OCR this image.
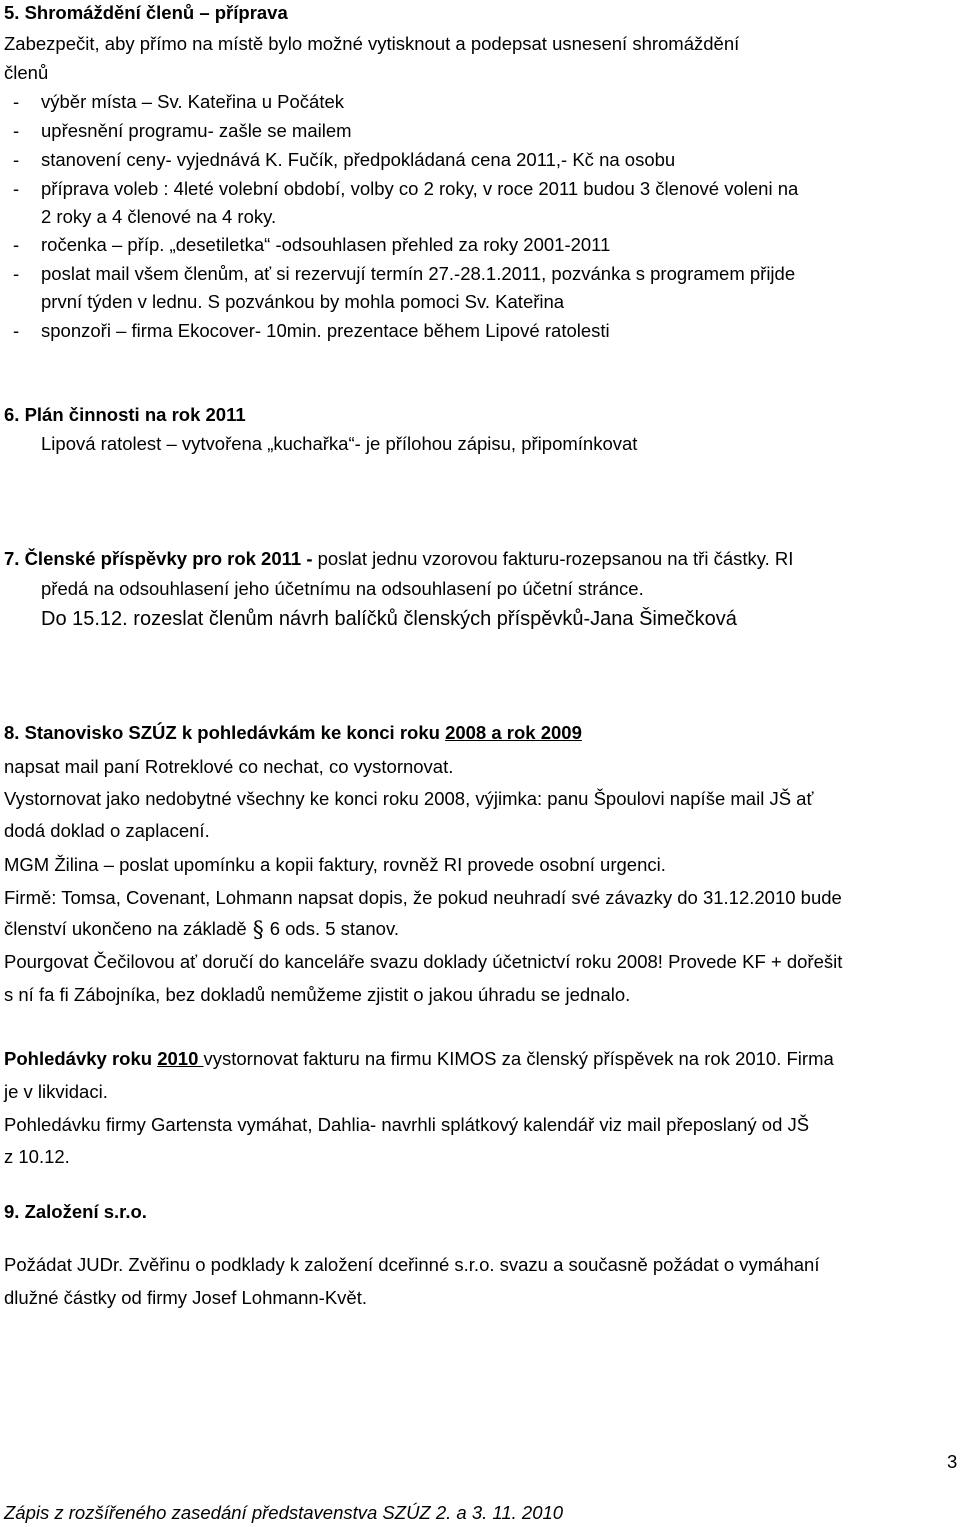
5. Shromáždění členů – příprava
Zabezpečit, aby přímo na místě bylo možné vytisknout a podepsat usnesení shromáždění
členů
- výběr místa – Sv. Kateřina u Počátek
- upřesnění programu- zašle se mailem
- stanovení ceny- vyjednává K. Fučík, předpokládaná cena 2011,- Kč na osobu
- příprava voleb : 4leté volební období, volby co 2 roky, v roce 2011 budou 3 členové voleni na
2 roky a 4 členové na 4 roky.
- ročenka – příp. „desetiletka“ -odsouhlasen přehled za roky 2001-2011
- poslat mail všem členům, ať si rezervují termín 27.-28.1.2011, pozvánka s programem přijde
první týden v lednu. S pozvánkou by mohla pomoci Sv. Kateřina
- sponzoři – firma Ekocover- 10min. prezentace během Lipové ratolesti
6. Plán činnosti na rok 2011
Lipová ratolest – vytvořena „kuchařka“- je přílohou zápisu, připomínkovat
7. Členské příspěvky pro rok 2011 - poslat jednu vzorovou fakturu-rozepsanou na tři částky. RI
předá na odsouhlasení jeho účetnímu na odsouhlasení po účetní stránce.
Do 15.12. rozeslat členům návrh balíčků členských příspěvků-Jana Šimečková
8. Stanovisko SZÚZ k pohledávkám ke konci roku 2008 a rok 2009
napsat mail paní Rotreklové co nechat, co vystornovat.
Vystornovat jako nedobytné všechny ke konci roku 2008, výjimka: panu Špoulovi napíše mail JŠ ať
dodá doklad o zaplacení.
MGM Žilina – poslat upomínku a kopii faktury, rovněž RI provede osobní urgenci.
Firmě: Tomsa, Covenant, Lohmann napsat dopis, že pokud neuhradí své závazky do 31.12.2010 bude
členství ukončeno na základě § 6 ods. 5 stanov.
Pourgovat Čečilovou ať doručí do kanceláře svazu doklady účetnictví roku 2008! Provede KF + dořešit
s ní fa fi Zábojníka, bez dokladů nemůžeme zjistit o jakou úhradu se jednalo.
Pohledávky roku 2010 vystornovat fakturu na firmu KIMOS za členský příspěvek na rok 2010. Firma
je v likvidaci.
Pohledávku firmy Gartensta vymáhat, Dahlia- navrhli splátkový kalendář viz mail přeposlaný od JŠ
z 10.12.
9. Založení s.r.o.
Požádat JUDr. Zvěřinu o podklady k založení dceřinné s.r.o. svazu a současně požádat o vymáhaní
dlužné částky od firmy Josef Lohmann-Květ.
3
Zápis z rozšířeného zasedání představenstva SZÚZ 2. a 3. 11. 2010
